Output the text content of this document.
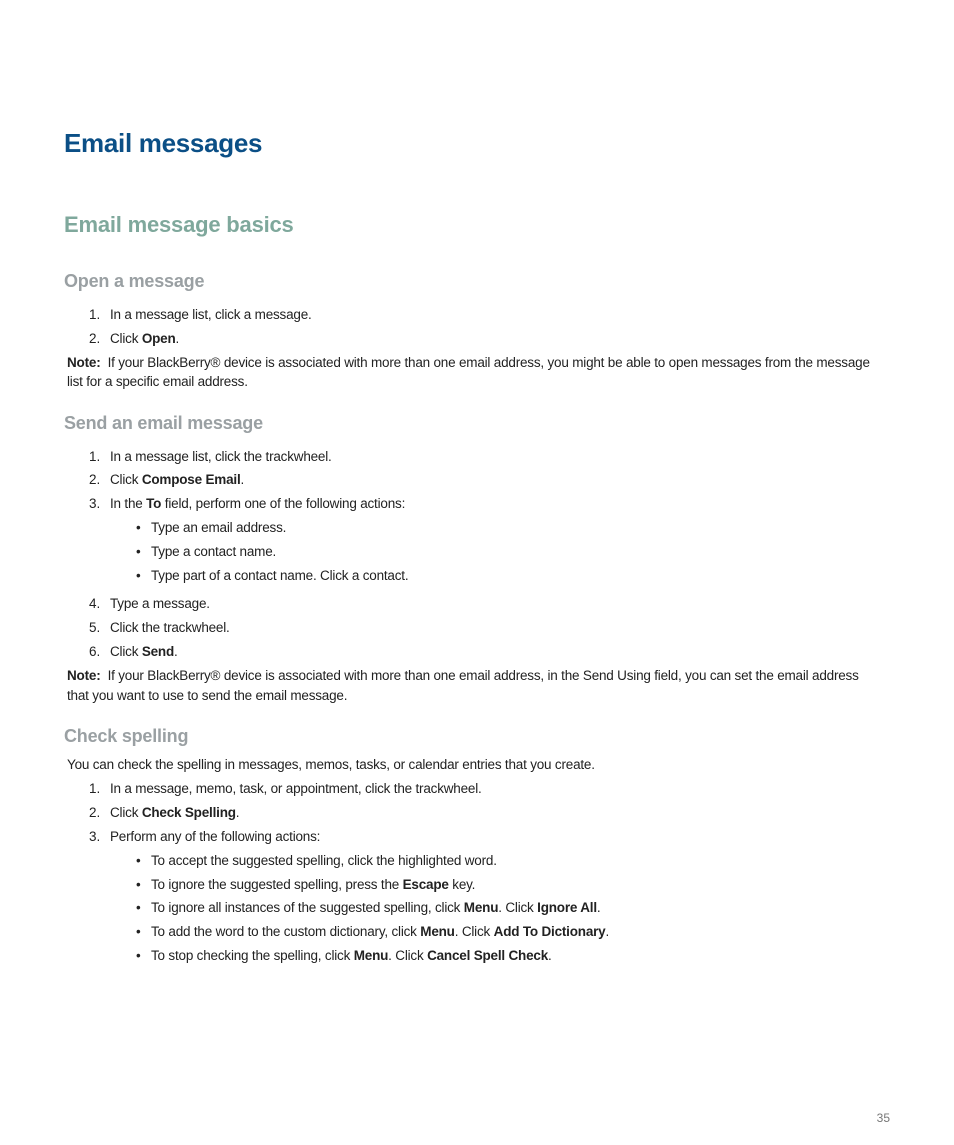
Email messages
Email message basics
Open a message
1. In a message list, click a message.
2. Click Open.
Note: If your BlackBerry® device is associated with more than one email address, you might be able to open messages from the message
list for a specific email address.
Send an email message
1. In a message list, click the trackwheel.
2. Click Compose Email.
3. In the To field, perform one of the following actions:
• Type an email address.
• Type a contact name.
• Type part of a contact name. Click a contact.
4. Type a message.
5. Click the trackwheel.
6. Click Send.
Note: If your BlackBerry® device is associated with more than one email address, in the Send Using field, you can set the email address
that you want to use to send the email message.
Check spelling
You can check the spelling in messages, memos, tasks, or calendar entries that you create.
1. In a message, memo, task, or appointment, click the trackwheel.
2. Click Check Spelling.
3. Perform any of the following actions:
• To accept the suggested spelling, click the highlighted word.
• To ignore the suggested spelling, press the Escape key.
• To ignore all instances of the suggested spelling, click Menu. Click Ignore All.
• To add the word to the custom dictionary, click Menu. Click Add To Dictionary.
• To stop checking the spelling, click Menu. Click Cancel Spell Check.
35
